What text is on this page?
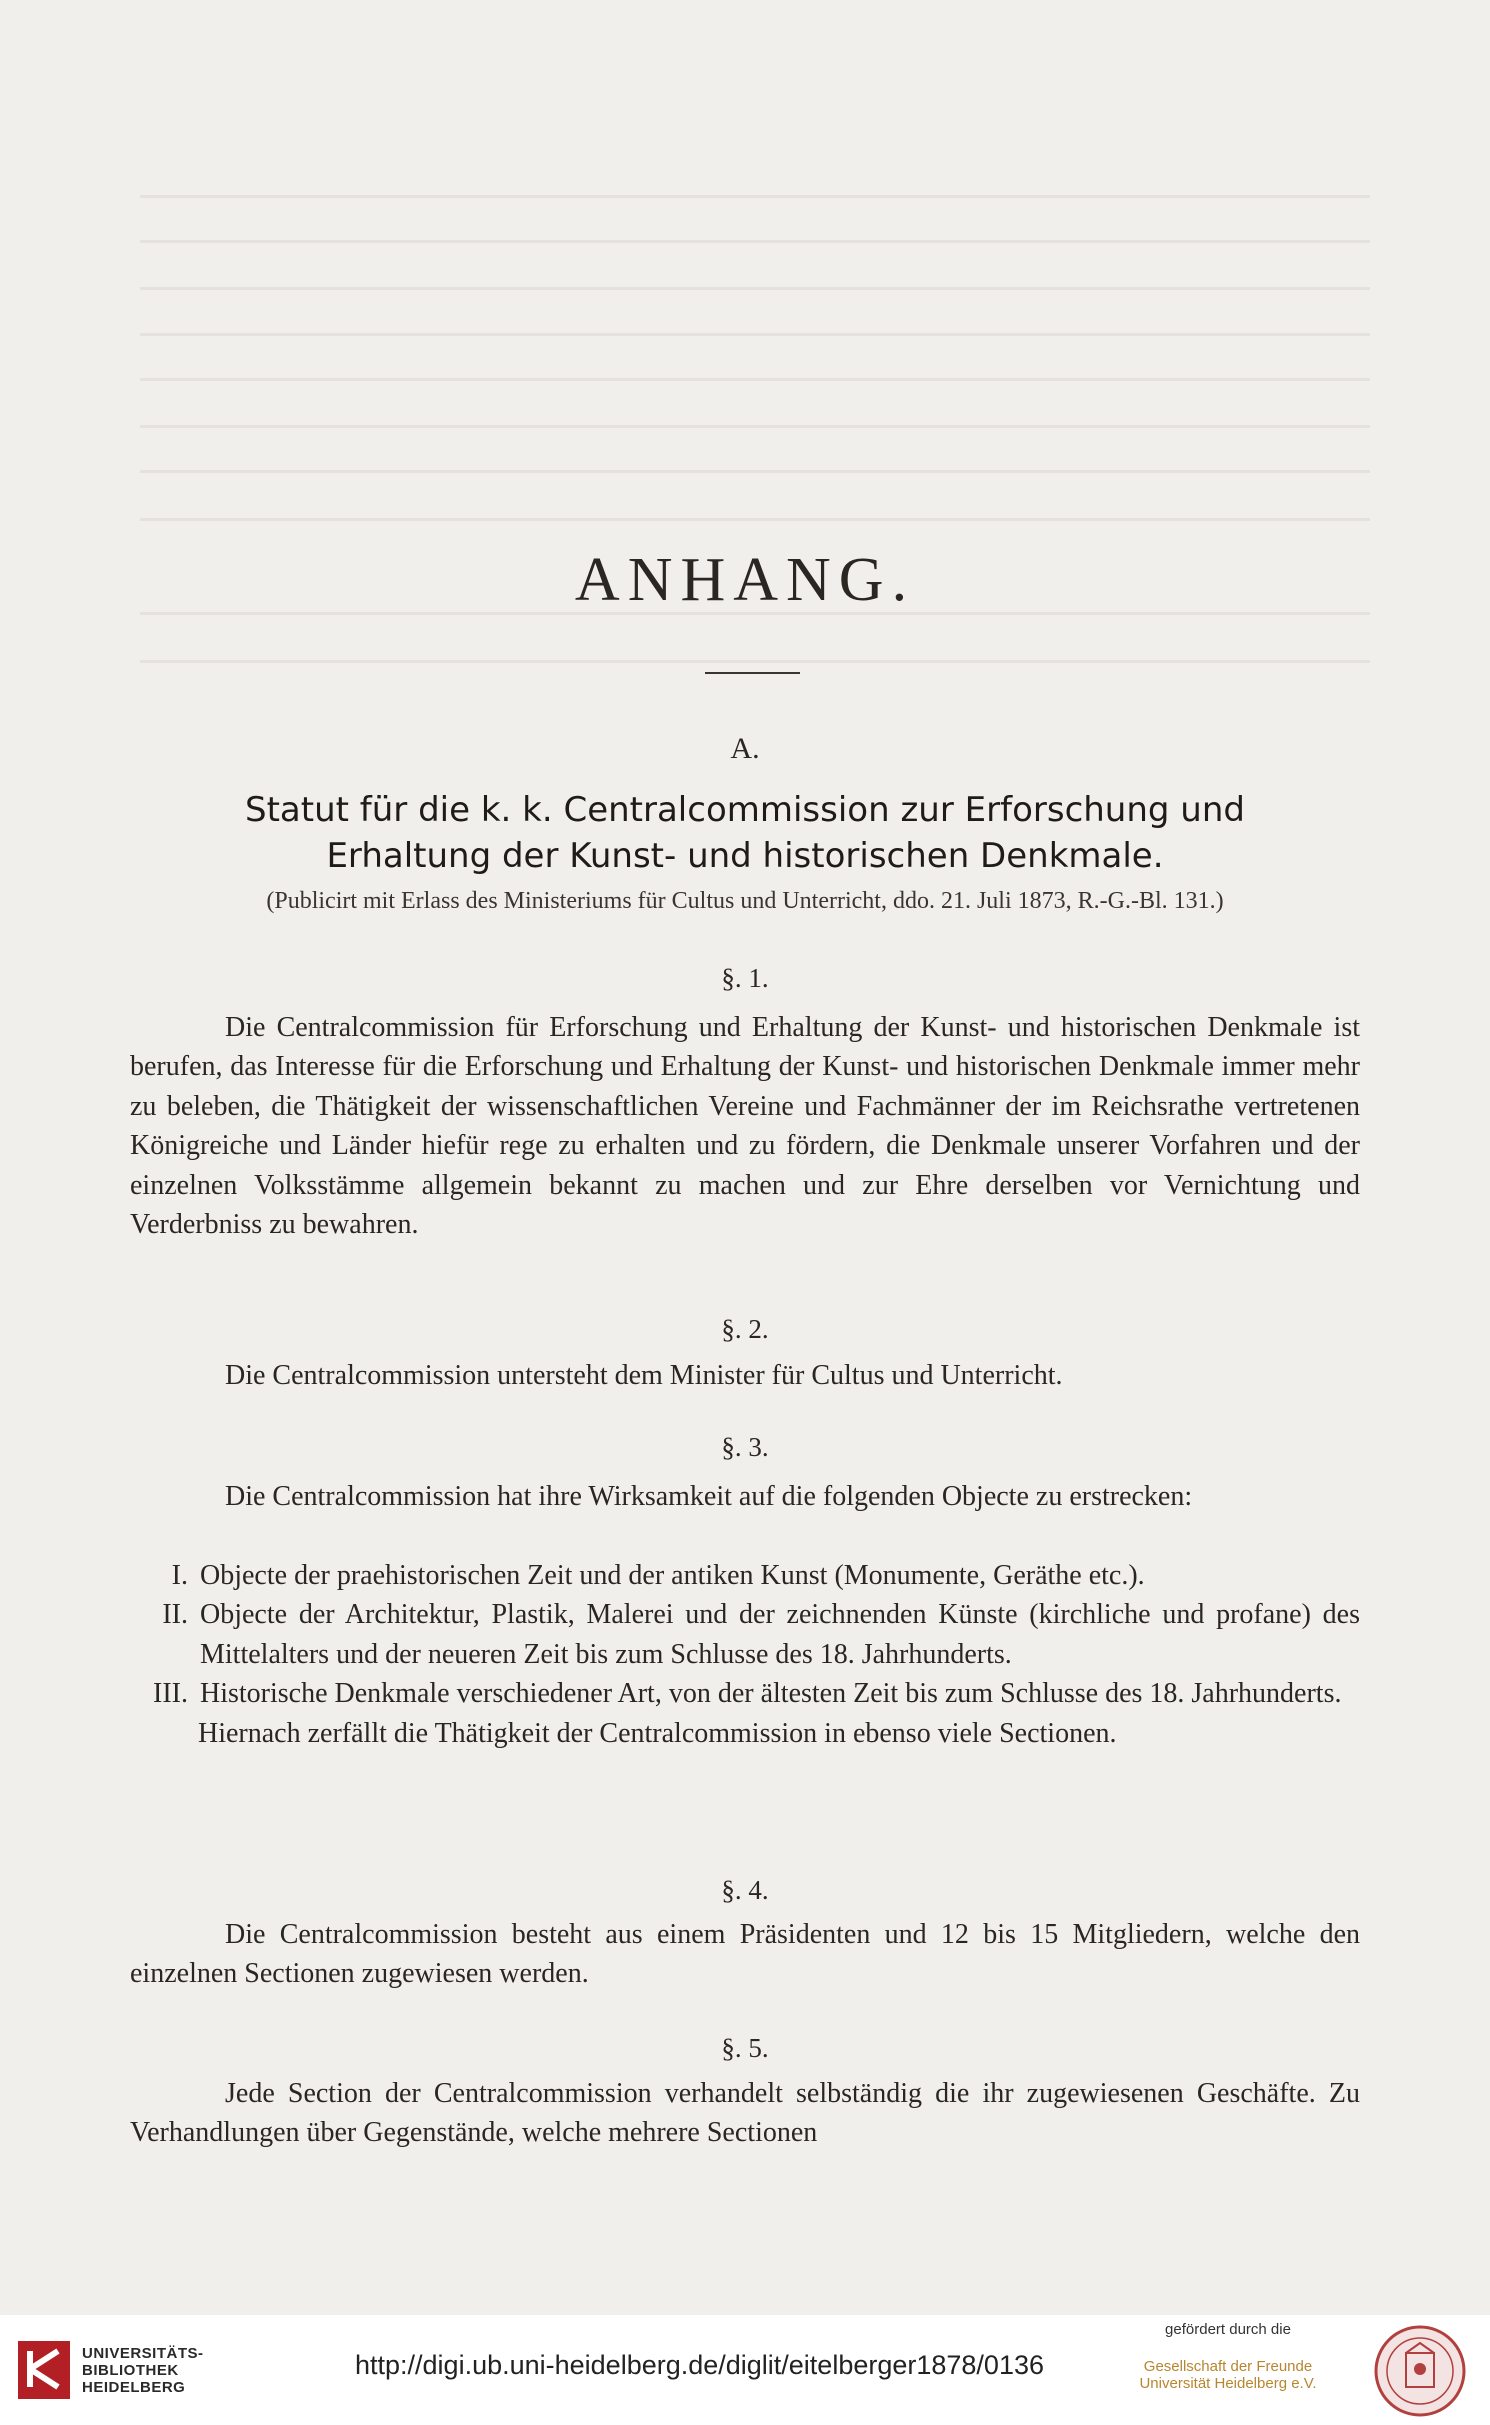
ANHANG.
A.
Statut für die k. k. Centralcommission zur Erforschung und
Erhaltung der Kunst- und historischen Denkmale.
(Publicirt mit Erlass des Ministeriums für Cultus und Unterricht, ddo. 21. Juli 1873, R.-G.-Bl. 131.)
§. 1.

Die Centralcommission für Erforschung und Erhaltung der Kunst- und historischen Denkmale ist berufen, das Interesse für die Erforschung und Erhaltung der Kunst- und historischen Denkmale immer mehr zu beleben, die Thätigkeit der wissenschaftlichen Vereine und Fachmänner der im Reichsrathe vertretenen Königreiche und Länder hiefür rege zu erhalten und zu fördern, die Denkmale unserer Vorfahren und der einzelnen Volksstämme allgemein bekannt zu machen und zur Ehre derselben vor Vernichtung und Verderbniss zu bewahren.

§. 2.

Die Centralcommission untersteht dem Minister für Cultus und Unterricht.

§. 3.

Die Centralcommission hat ihre Wirksamkeit auf die folgenden Objecte zu erstrecken:

I. Objecte der praehistorischen Zeit und der antiken Kunst (Monumente, Geräthe etc.).
II. Objecte der Architektur, Plastik, Malerei und der zeichnenden Künste (kirchliche und profane) des Mittelalters und der neueren Zeit bis zum Schlusse des 18. Jahrhunderts.
III. Historische Denkmale verschiedener Art, von der ältesten Zeit bis zum Schlusse des 18. Jahrhunderts.
Hiernach zerfällt die Thätigkeit der Centralcommission in ebenso viele Sectionen.
§. 4.

Die Centralcommission besteht aus einem Präsidenten und 12 bis 15 Mitgliedern, welche den einzelnen Sectionen zugewiesen werden.

§. 5.

Jede Section der Centralcommission verhandelt selbständig die ihr zugewiesenen Geschäfte. Zu Verhandlungen über Gegenstände, welche mehrere Sectionen

UNIVERSITÄTS-
BIBLIOTHEK
HEIDELBERG
http://digi.ub.uni-heidelberg.de/diglit/eitelberger1878/0136
gefördert durch die
Gesellschaft der Freunde
Universität Heidelberg e.V.
